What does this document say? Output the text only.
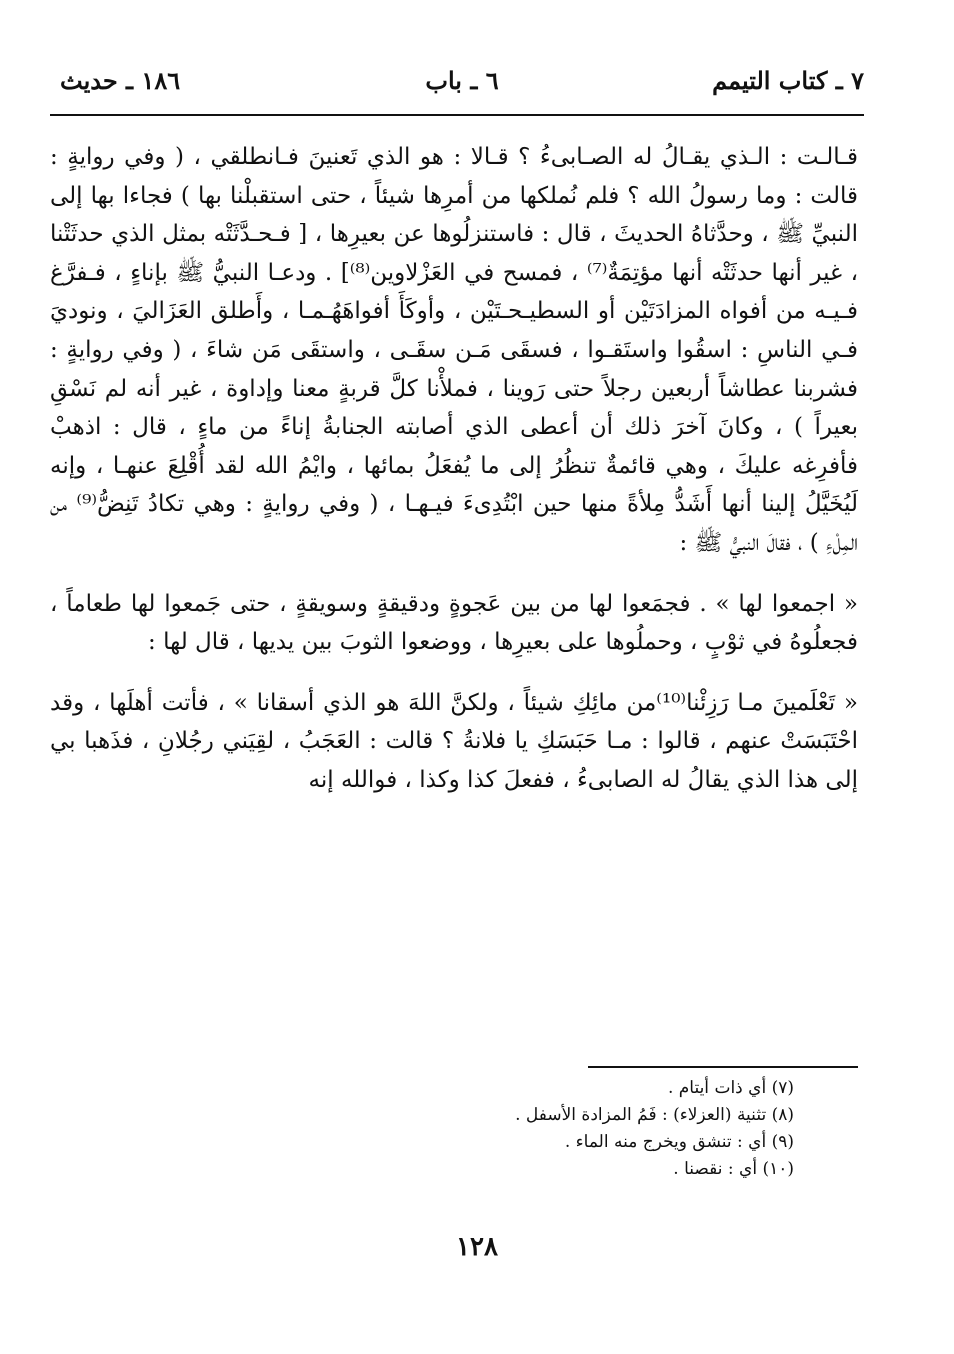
٧ ـ كتاب التيمم
٦ ـ باب
١٨٦ ـ حديث

قـالـت : الـذي يقـالُ له الصـابىءُ ؟ قـالا : هو الذي تَعنينَ فـانطلقي ، ( وفي روايةٍ : قالت : وما رسولُ الله ؟ فلم نُملكها من أمرِها شيئاً ، حتى استقبلْنا بها ) فجاءا بها إلى النبيِّ ﷺ ، وحدَّثاهُ الحديثَ ، قال : فاستنزلُوها عن بعيرِها ، [ فـحـدَّثَتْه بمثل الذي حدثَتْنا ، غير أنها حدثَتْه أنها مؤتِمَةٌ⁽⁷⁾ ، فمسح في العَزْلاوين⁽⁸⁾] . ودعـا النبيُّ ﷺ بإناءٍ ، فـفرَّغ فـيـه من أفواه المزادَتَيْن أو السطيـحـتَيْن ، وأوكَأَ أفواهَهُـمـا ، وأَطلق العَزَاليَ ، ونوديَ فـي الناسِ : اسقُوا واستَقـوا ، فسقَى مَـن سقَـى ، واستقَى مَن شاءَ ، ( وفي روايةٍ : فشربنا عطاشاً أربعين رجلاً حتى رَوينا ، فملأْنا كلَّ قربةٍ معنا وإداوة ، غير أنه لم نَسْقِ بعيراً ) ، وكانَ آخرَ ذلك أن أعطى الذي أصابته الجنابةُ إناءً من ماءٍ ، قال : اذهبْ فأفرِغه عليكَ ، وهي قائمةٌ تنظُرُ إلى ما يُفعَلُ بمائها ، وايْمُ الله لقد أُقْلِعَ عنهـا ، وإنه لَيُخَيَّلُ إلينا أنها أَشَدُّ مِلأةً منها حين ابْتُدِىءَ فيـهـا ، ( وفي روايةٍ : وهي تكادُ تَنِضُّ⁽⁹⁾ من المِلْءِ ) ، فقالَ النبيُّ ﷺ :

« اجمعوا لها » . فجمَعوا لها من بين عَجوةٍ ودقيقةٍ وسويقةٍ ، حتى جَمعوا لها طعاماً ، فجعلُوهُ في ثوْبٍ ، وحملُوها على بعيرِها ، ووضعوا الثوبَ بين يديها ، قال لها :

« تَعْلَمينَ مـا رَزِئْنا⁽¹⁰⁾من مائِكِ شيئاً ، ولكنَّ اللهَ هو الذي أسقانا » ، فأتت أهلَها ، وقد احْتَبَسَتْ عنهم ، قالوا : مـا حَبَسَكِ يا فلانةُ ؟ قالت : العَجَبُ ، لقِيَني رجُلانِ ، فذَهبا بي إلى هذا الذي يقالُ له الصابىءُ ، ففعلَ كذا وكذا ، فوالله إنه

(٧) أي ذات أيتام .
(٨) تثنية (العزلاء) : فَمُ المزادة الأسفل .
(٩) أي : تنشق ويخرج منه الماء .
(١٠) أي : نقصنا .
١٢٨
